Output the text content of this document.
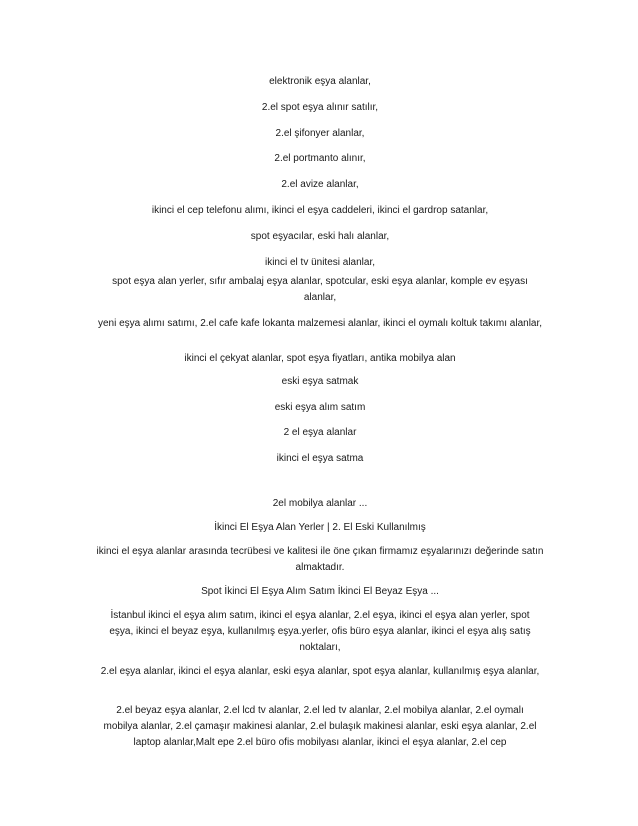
elektronik eşya alanlar,

2.el spot eşya alınır satılır,

2.el şifonyer alanlar,

2.el portmanto alınır,

2.el avize alanlar,

ikinci el cep telefonu alımı, ikinci el eşya caddeleri, ikinci el gardrop satanlar,

spot eşyacılar, eski halı alanlar,

ikinci el tv ünitesi alanlar,

spot eşya alan yerler, sıfır ambalaj eşya alanlar, spotcular, eski eşya alanlar, komple ev eşyası alanlar,

yeni eşya alımı satımı, 2.el cafe kafe lokanta malzemesi alanlar, ikinci el oymalı koltuk takımı alanlar,

ikinci el çekyat alanlar, spot eşya fiyatları, antika mobilya alan

eski eşya satmak

eski eşya alım satım

2 el eşya alanlar

ikinci el eşya satma

2el mobilya alanlar ...

İkinci El Eşya Alan Yerler | 2. El Eski Kullanılmış

ikinci el eşya alanlar arasında tecrübesi ve kalitesi ile öne çıkan firmamız eşyalarınızı değerinde satın almaktadır.

Spot İkinci El Eşya Alım Satım İkinci El Beyaz Eşya ...

İstanbul ikinci el eşya alım satım, ikinci el eşya alanlar, 2.el eşya, ikinci el eşya alan yerler, spot eşya, ikinci el beyaz eşya, kullanılmış eşya.yerler, ofis büro eşya alanlar, ikinci el eşya alış satış noktaları,

2.el eşya alanlar, ikinci el eşya alanlar, eski eşya alanlar, spot eşya alanlar, kullanılmış eşya alanlar,

2.el beyaz eşya alanlar, 2.el lcd tv alanlar, 2.el led tv alanlar, 2.el mobilya alanlar, 2.el oymalı mobilya alanlar, 2.el çamaşır makinesi alanlar, 2.el bulaşık makinesi alanlar, eski eşya alanlar, 2.el laptop alanlar,Malt epe 2.el büro ofis mobilyası alanlar, ikinci el eşya alanlar, 2.el cep
